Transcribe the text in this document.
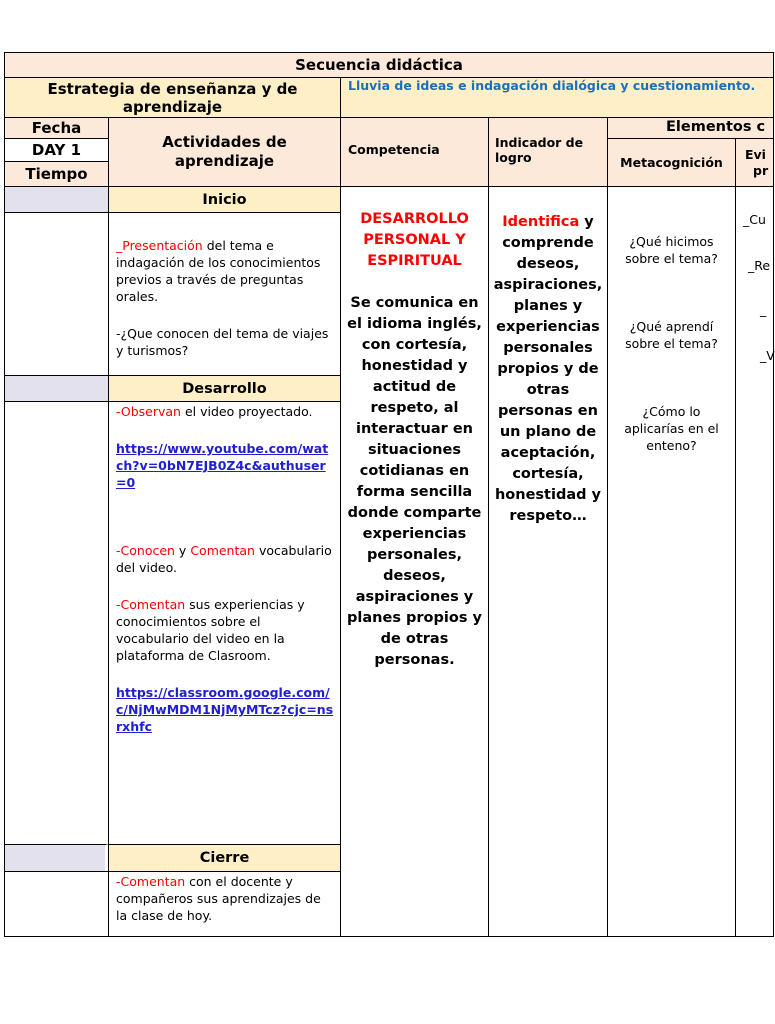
Secuencia didáctica
Estrategia de enseñanza y de aprendizaje
Lluvia de ideas e indagación dialógica y cuestionamiento.
Fecha
DAY 1
Tiempo
Actividades de aprendizaje
Competencia	Indicador de logro
Elementos c
Metacognición
Evi
pr
Inicio

_Presentación del tema e indagación de los conocimientos previos a través de preguntas orales.

-¿Que conocen del tema de viajes y turismos?

Desarrollo

-Observan el video proyectado.

https://www.youtube.com/watch?v=0bN7EJB0Z4c&authuser=0

-Conocen y Comentan vocabulario del video.

-Comentan sus experiencias y conocimientos sobre el vocabulario del video en la plataforma de Clasroom.

https://classroom.google.com/c/NjMwMDM1NjMyMTcz?cjc=nsrxhfc

Cierre

-Comentan con el docente y compañeros sus aprendizajes de la clase de hoy.

DESARROLLO PERSONAL Y ESPIRITUAL

Se comunica en el idioma inglés, con cortesía, honestidad y actitud de respeto, al interactuar en situaciones cotidianas en forma sencilla donde comparte experiencias personales, deseos, aspiraciones y planes propios y de otras personas.

Identifica y comprende deseos, aspiraciones, planes y experiencias personales propios y de otras personas en un plano de aceptación, cortesía, honestidad y respeto…

¿Qué hicimos sobre el tema?

¿Qué aprendí sobre el tema?

¿Cómo lo aplicarías en el enteno?

_Cu
_Re
_
_V
